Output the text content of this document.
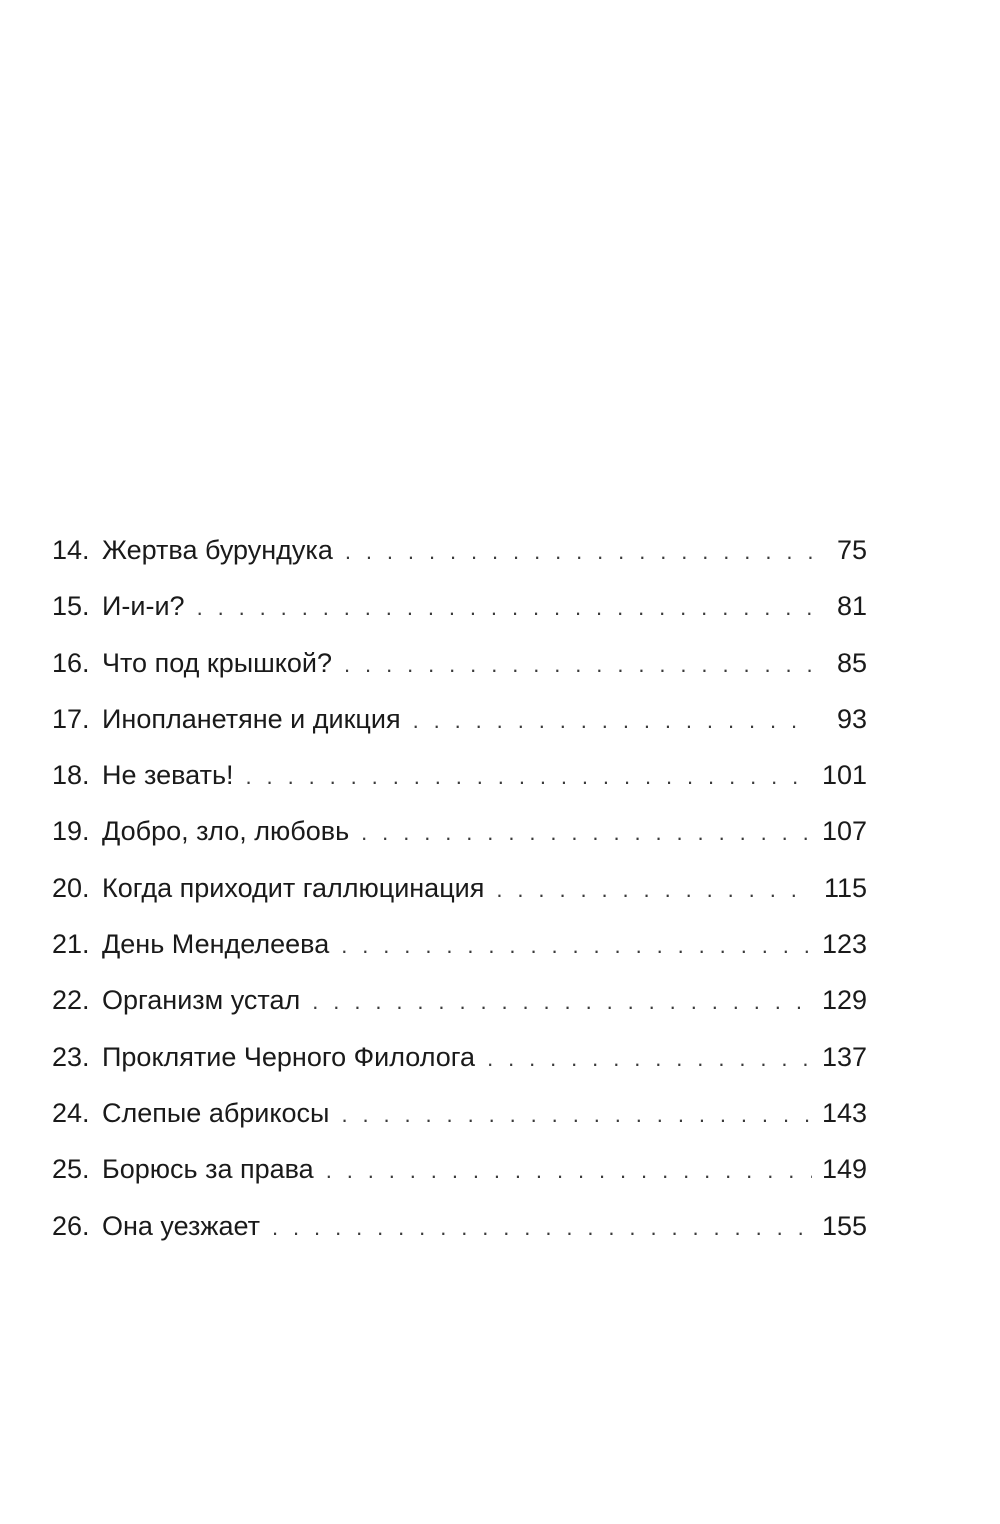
14. Жертва бурундука . . .	75
15. И-и-и? . . .	81
16. Что под крышкой? . . .	85
17. Инопланетяне и дикция . . .	93
18. Не зевать! . . .	101
19. Добро, зло, любовь . . .	107
20. Когда приходит галлюцинация . . .	115
21. День Менделеева . . .	123
22. Организм устал . . .	129
23. Проклятие Черного Филолога . . .	137
24. Слепые абрикосы . . .	143
25. Борюсь за права . . .	149
26. Она уезжает . . .	155
